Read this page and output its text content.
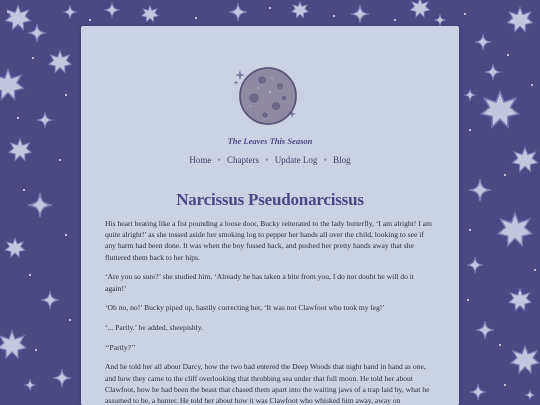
The Leaves This Season
Home • Chapters • Update Log • Blog
Narcissus Pseudonarcissus

His heart beating like a fist pounding a loose door, Bucky reiterated to the lady butterfly, ‘I am alright! I am quite alright!’ as she tossed aside her smoking log to pepper her hands all over the child, looking to see if any harm had been done. It was when the boy fussed back, and pushed her pretty hands away that she fluttered them back to her hips.

‘Are you so sure?’ she studied him, ‘Already he has taken a bite from you, I do not doubt he will do it again!’

‘Oh no, no!’ Bucky piped up, hastily correcting her, ‘It was not Clawfoot who took my leg!’

‘... Partly.’ he added, sheepishly.

‘‘Partly?’’

And he told her all about Darcy, how the two had entered the Deep Woods that night hand in hand as one, and how they came to the cliff overlooking that throbbing sea under that full moon. He told her about Clawfoot, how he had been the beast that chased them apart into the waiting jaws of a trap laid by, what he assumed to be, a hunter. He told her about how it was Clawfoot who whisked him away, away on
